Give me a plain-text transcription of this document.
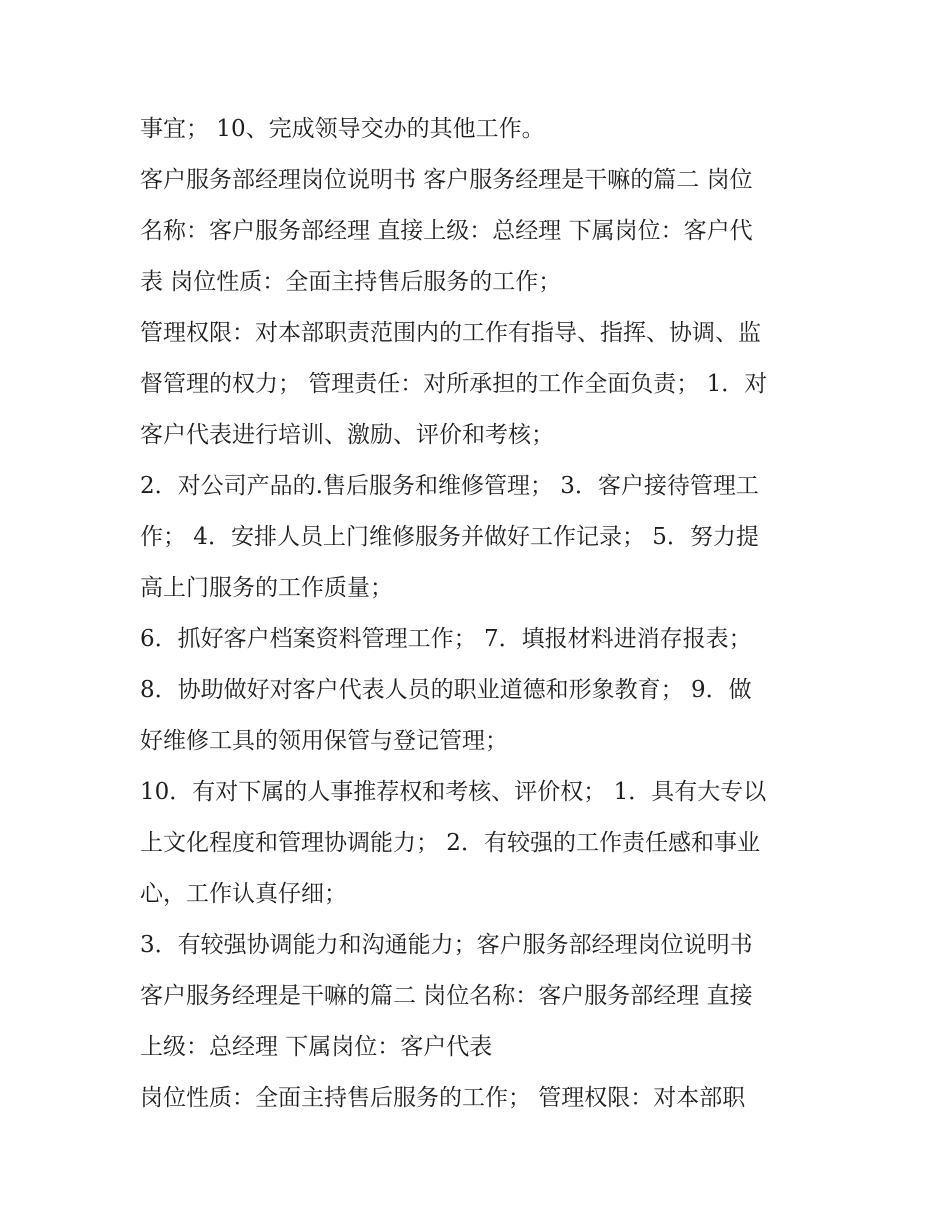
事宜； 10、完成领导交办的其他工作。
客户服务部经理岗位说明书 客户服务经理是干嘛的篇二 岗位
名称：客户服务部经理 直接上级：总经理 下属岗位：客户代
表 岗位性质：全面主持售后服务的工作；
管理权限：对本部职责范围内的工作有指导、指挥、协调、监
督管理的权力； 管理责任：对所承担的工作全面负责； 1．对
客户代表进行培训、激励、评价和考核；
2．对公司产品的.售后服务和维修管理； 3．客户接待管理工
作； 4．安排人员上门维修服务并做好工作记录； 5．努力提
高上门服务的工作质量；
6．抓好客户档案资料管理工作； 7．填报材料进消存报表；
8．协助做好对客户代表人员的职业道德和形象教育； 9．做
好维修工具的领用保管与登记管理；
10．有对下属的人事推荐权和考核、评价权； 1．具有大专以
上文化程度和管理协调能力； 2．有较强的工作责任感和事业
心，工作认真仔细；
3．有较强协调能力和沟通能力；客户服务部经理岗位说明书
客户服务经理是干嘛的篇二 岗位名称：客户服务部经理 直接
上级：总经理 下属岗位：客户代表
岗位性质：全面主持售后服务的工作； 管理权限：对本部职
